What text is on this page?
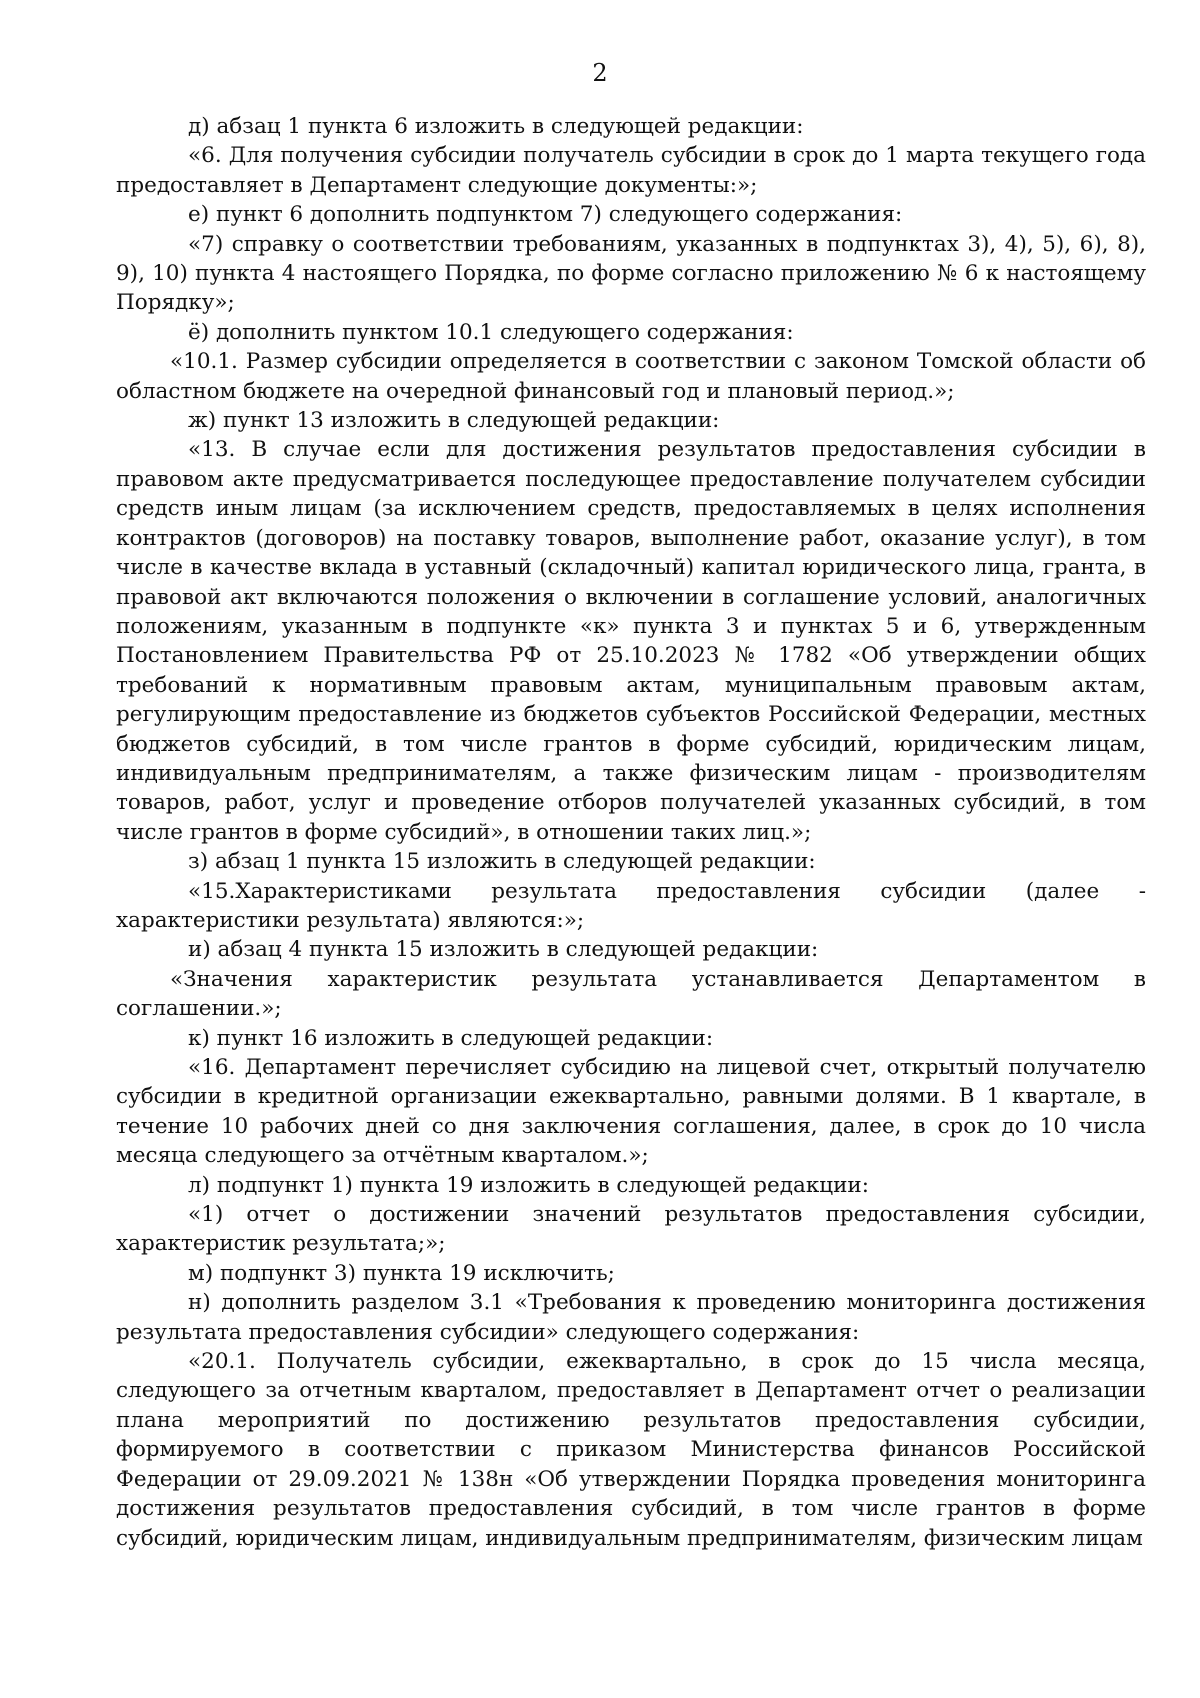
2

д) абзац 1 пункта 6 изложить в следующей редакции:

«6. Для получения субсидии получатель субсидии в срок до 1 марта текущего года предоставляет в Департамент следующие документы:»;

е) пункт 6 дополнить подпунктом 7) следующего содержания:

«7) справку о соответствии требованиям, указанных в подпунктах 3), 4), 5), 6), 8), 9), 10) пункта 4 настоящего Порядка, по форме согласно приложению № 6 к настоящему Порядку»;

ё) дополнить пунктом 10.1 следующего содержания:

«10.1. Размер субсидии определяется в соответствии с законом Томской области об областном бюджете на очередной финансовый год и плановый период.»;

ж) пункт 13 изложить в следующей редакции:

«13. В случае если для достижения результатов предоставления субсидии в правовом акте предусматривается последующее предоставление получателем субсидии средств иным лицам (за исключением средств, предоставляемых в целях исполнения контрактов (договоров) на поставку товаров, выполнение работ, оказание услуг), в том числе в качестве вклада в уставный (складочный) капитал юридического лица, гранта, в правовой акт включаются положения о включении в соглашение условий, аналогичных положениям, указанным в подпункте «к» пункта 3 и пунктах 5 и 6, утвержденным Постановлением Правительства РФ от 25.10.2023 № 1782 «Об утверждении общих требований к нормативным правовым актам, муниципальным правовым актам, регулирующим предоставление из бюджетов субъектов Российской Федерации, местных бюджетов субсидий, в том числе грантов в форме субсидий, юридическим лицам, индивидуальным предпринимателям, а также физическим лицам - производителям товаров, работ, услуг и проведение отборов получателей указанных субсидий, в том числе грантов в форме субсидий», в отношении таких лиц.»;

з) абзац 1 пункта 15 изложить в следующей редакции:

«15.Характеристиками результата предоставления субсидии (далее - характеристики результата) являются:»;

и) абзац 4 пункта 15 изложить в следующей редакции:

«Значения характеристик результата устанавливается Департаментом в соглашении.»;

к) пункт 16 изложить в следующей редакции:

«16. Департамент перечисляет субсидию на лицевой счет, открытый получателю субсидии в кредитной организации ежеквартально, равными долями. В 1 квартале, в течение 10 рабочих дней со дня заключения соглашения, далее, в срок до 10 числа месяца следующего за отчётным кварталом.»;

л) подпункт 1) пункта 19 изложить в следующей редакции:

«1) отчет о достижении значений результатов предоставления субсидии, характеристик результата;»;

м) подпункт 3) пункта 19 исключить;

н) дополнить разделом 3.1 «Требования к проведению мониторинга достижения результата предоставления субсидии» следующего содержания:

«20.1. Получатель субсидии, ежеквартально, в срок до 15 числа месяца, следующего за отчетным кварталом, предоставляет в Департамент отчет о реализации плана мероприятий по достижению результатов предоставления субсидии, формируемого в соответствии с приказом Министерства финансов Российской Федерации от 29.09.2021 № 138н «Об утверждении Порядка проведения мониторинга достижения результатов предоставления субсидий, в том числе грантов в форме субсидий, юридическим лицам, индивидуальным предпринимателям, физическим лицам
